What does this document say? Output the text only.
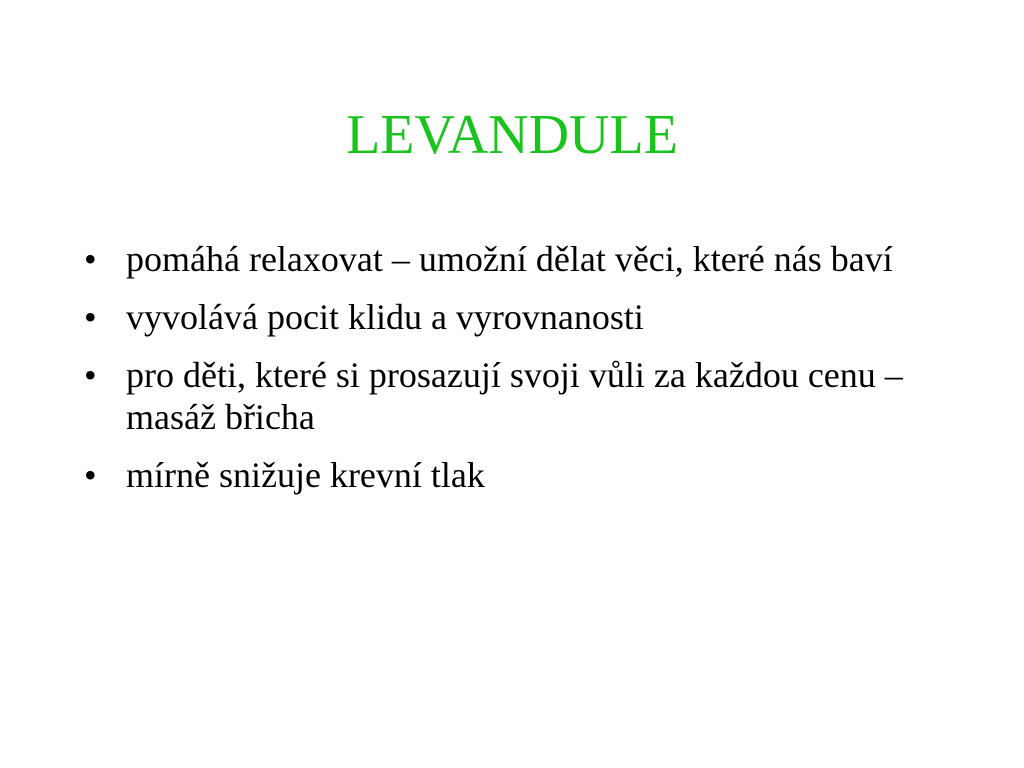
LEVANDULE
• pomáhá relaxovat – umožní dělat věci, které nás baví
• vyvolává pocit klidu a vyrovnanosti
• pro děti, které si prosazují svoji vůli za každou cenu – masáž břicha
• mírně snižuje krevní tlak
